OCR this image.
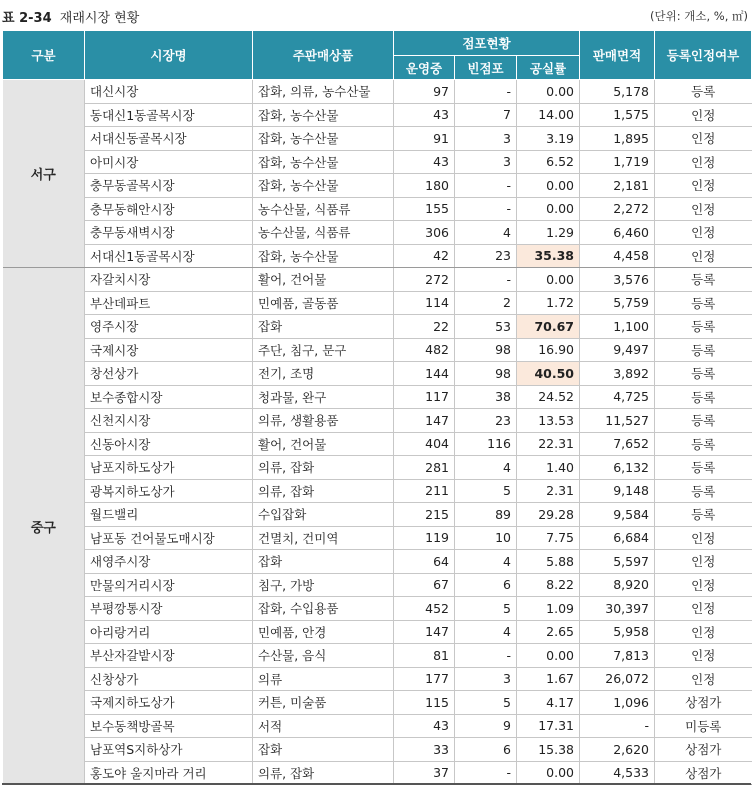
표 2-34 재래시장 현황	(단위: 개소, %, ㎡)
구분	시장명	주판매상품	점포현황			판매면적	등록인정여부
			운영중	빈점포	공실률		
서구	대신시장	잡화, 의류, 농수산물	97	-	0.00	5,178	등록
	동대신1동골목시장	잡화, 농수산물	43	7	14.00	1,575	인정
	서대신동골목시장	잡화, 농수산물	91	3	3.19	1,895	인정
	아미시장	잡화, 농수산물	43	3	6.52	1,719	인정
	충무동골목시장	잡화, 농수산물	180	-	0.00	2,181	인정
	충무동해안시장	농수산물, 식품류	155	-	0.00	2,272	인정
	충무동새벽시장	농수산물, 식품류	306	4	1.29	6,460	인정
	서대신1동골목시장	잡화, 농수산물	42	23	35.38	4,458	인정
중구	자갈치시장	활어, 건어물	272	-	0.00	3,576	등록
	부산데파트	민예품, 골동품	114	2	1.72	5,759	등록
	영주시장	잡화	22	53	70.67	1,100	등록
	국제시장	주단, 침구, 문구	482	98	16.90	9,497	등록
	창선상가	전기, 조명	144	98	40.50	3,892	등록
	보수종합시장	청과물, 완구	117	38	24.52	4,725	등록
	신천지시장	의류, 생활용품	147	23	13.53	11,527	등록
	신동아시장	활어, 건어물	404	116	22.31	7,652	등록
	남포지하도상가	의류, 잡화	281	4	1.40	6,132	등록
	광복지하도상가	의류, 잡화	211	5	2.31	9,148	등록
	월드밸리	수입잡화	215	89	29.28	9,584	등록
	남포동 건어물도매시장	건멸치, 건미역	119	10	7.75	6,684	인정
	새영주시장	잡화	64	4	5.88	5,597	인정
	만물의거리시장	침구, 가방	67	6	8.22	8,920	인정
	부평깡통시장	잡화, 수입용품	452	5	1.09	30,397	인정
	아리랑거리	민예품, 안경	147	4	2.65	5,958	인정
	부산자갈밭시장	수산물, 음식	81	-	0.00	7,813	인정
	신창상가	의류	177	3	1.67	26,072	인정
	국제지하도상가	커튼, 미술품	115	5	4.17	1,096	상점가
	보수동책방골목	서적	43	9	17.31	-	미등록
	남포역S지하상가	잡화	33	6	15.38	2,620	상점가
	홍도야 울지마라 거리	의류, 잡화	37	-	0.00	4,533	상점가
